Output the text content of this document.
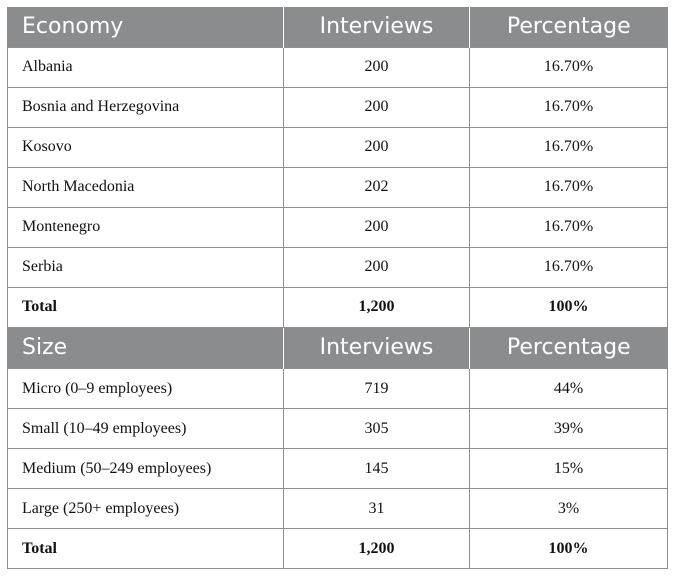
Economy	Interviews	Percentage
Albania	200	16.70%
Bosnia and Herzegovina	200	16.70%
Kosovo	200	16.70%
North Macedonia	202	16.70%
Montenegro	200	16.70%
Serbia	200	16.70%
Total	1,200	100%
Size	Interviews	Percentage
Micro (0–9 employees)	719	44%
Small (10–49 employees)	305	39%
Medium (50–249 employees)	145	15%
Large (250+ employees)	31	3%
Total	1,200	100%
